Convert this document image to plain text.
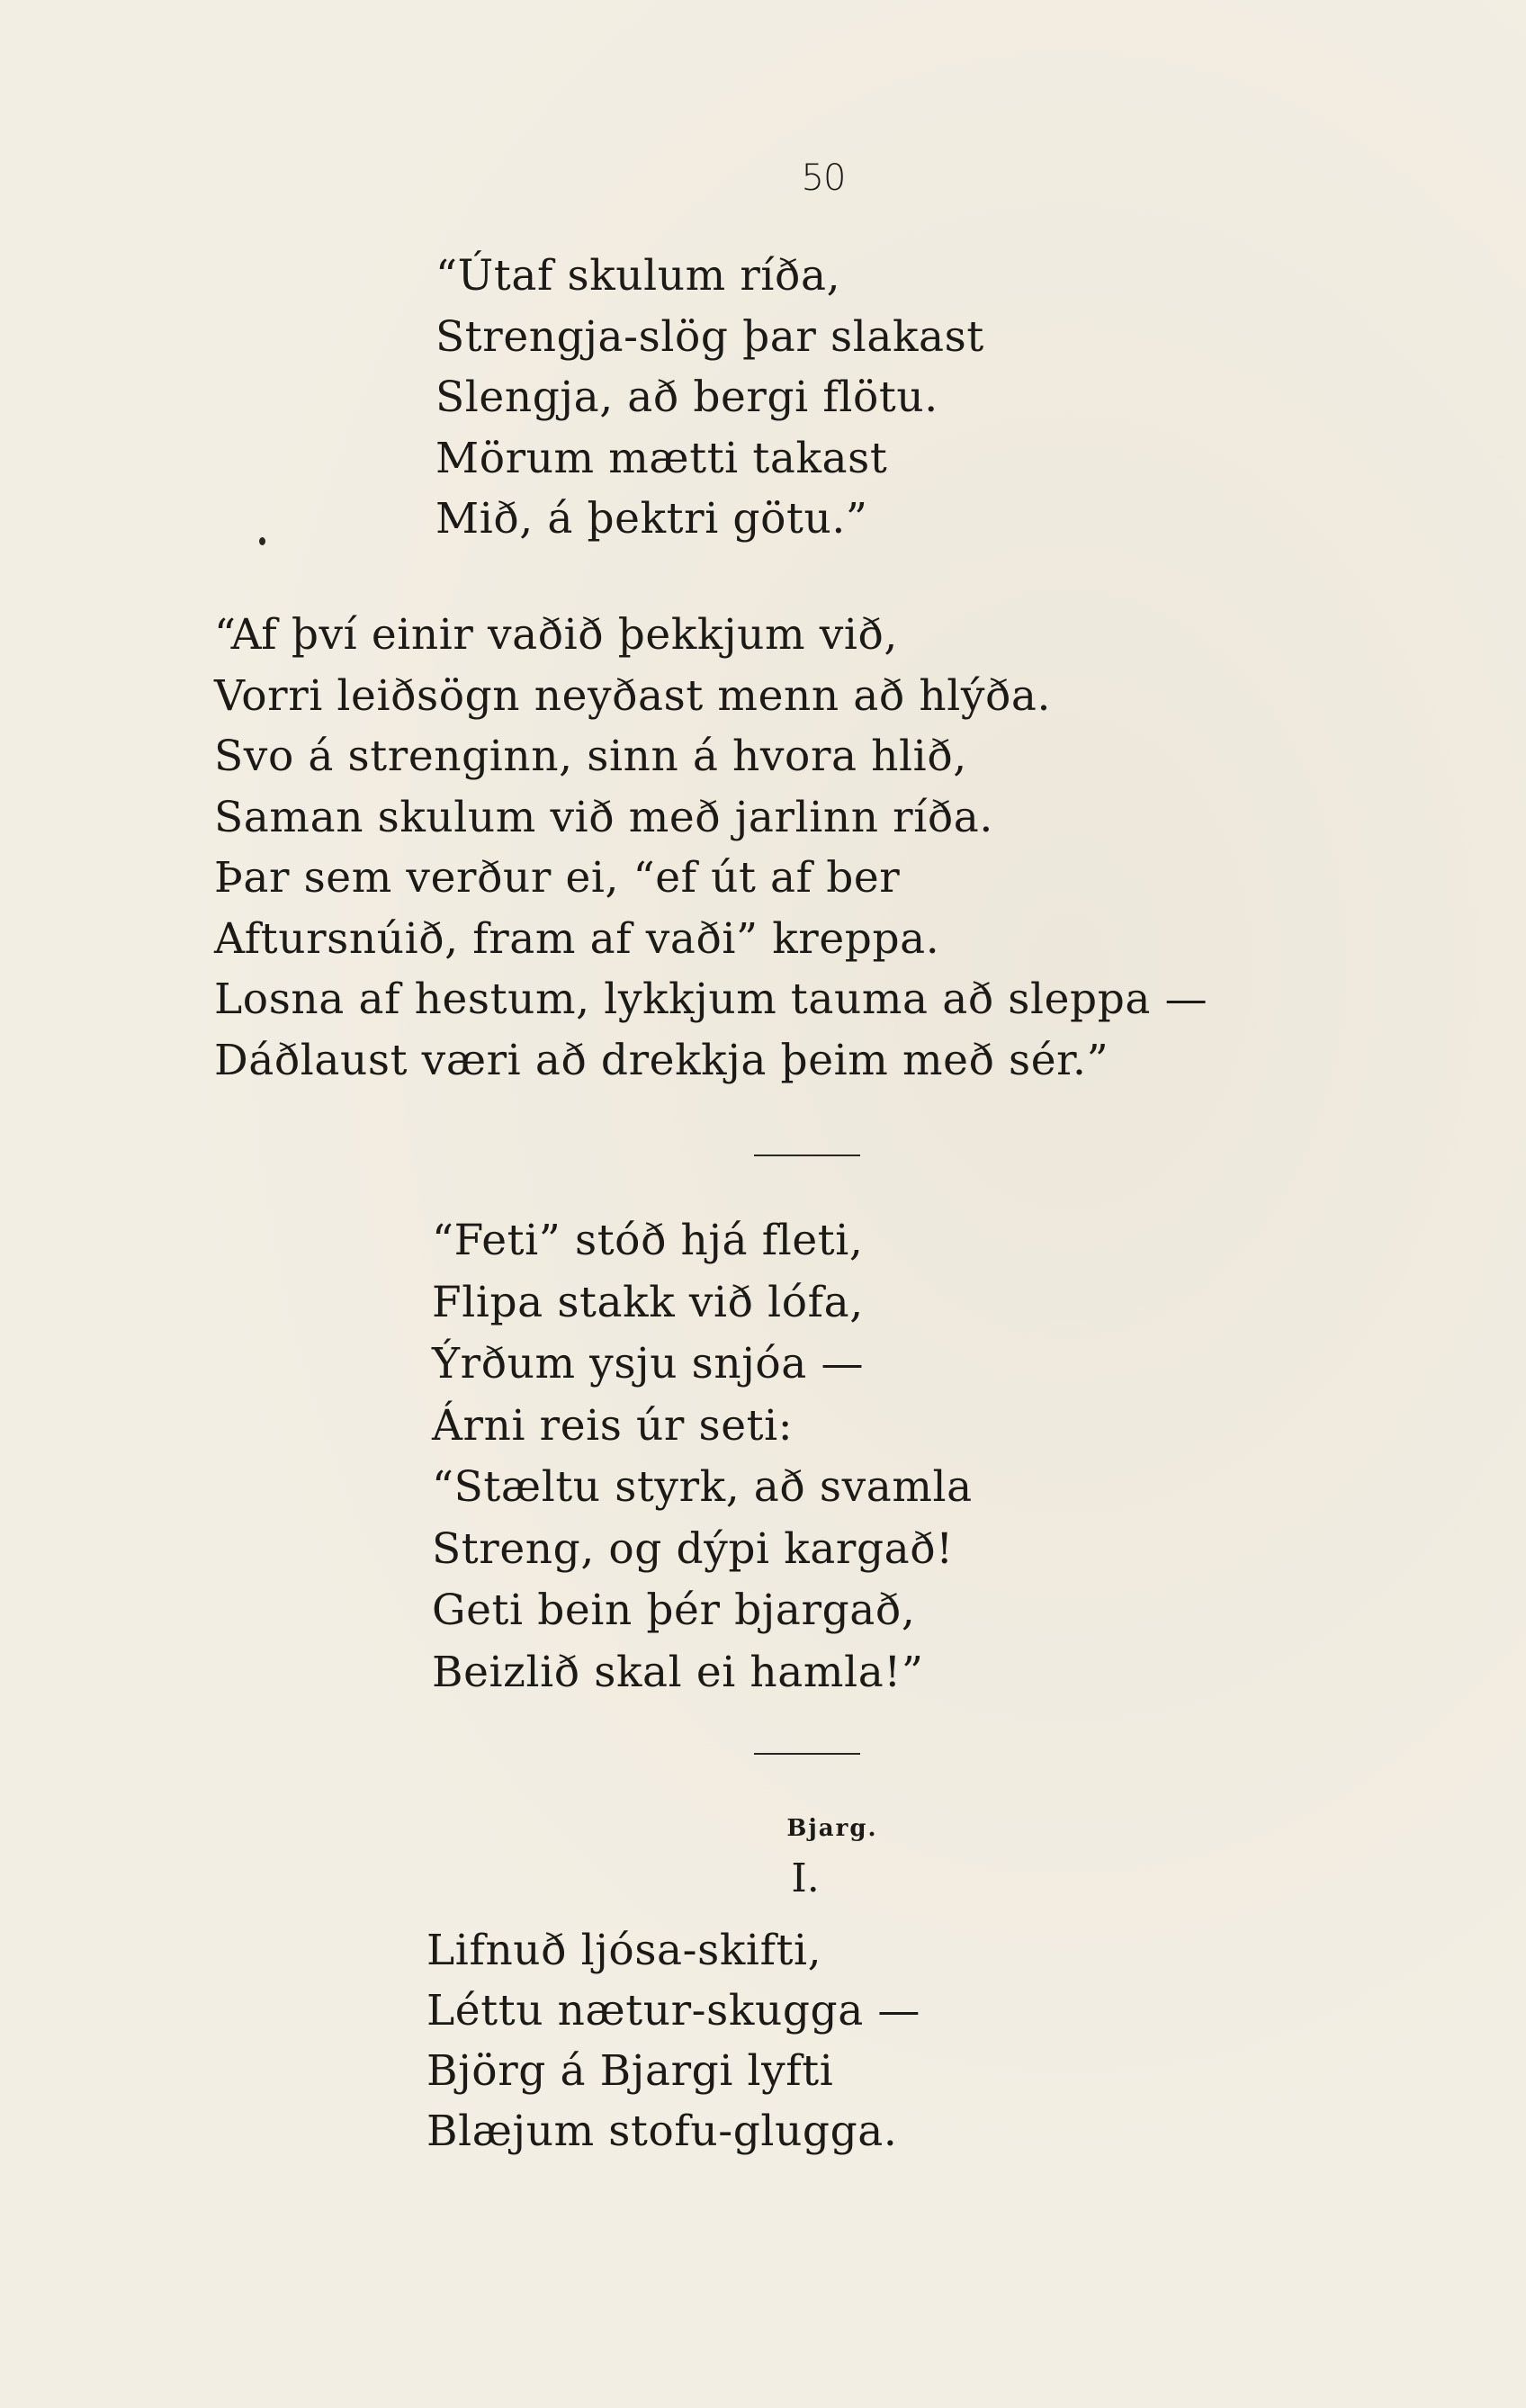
50
“Útaf skulum ríða,
Strengja-slög þar slakast
Slengja, að bergi flötu.
Mörum mætti takast
Mið, á þektri götu.”
“Af því einir vaðið þekkjum við,
Vorri leiðsögn neyðast menn að hlýða.
Svo á strenginn, sinn á hvora hlið,
Saman skulum við með jarlinn ríða.
Þar sem verður ei, “ef út af ber
Aftursnúið, fram af vaði” kreppa.
Losna af hestum, lykkjum tauma að sleppa —
Dáðlaust væri að drekkja þeim með sér.”
“Feti” stóð hjá fleti,
Flipa stakk við lófa,
Ýrðum ysju snjóa —
Árni reis úr seti:
“Stæltu styrk, að svamla
Streng, og dýpi kargað!
Geti bein þér bjargað,
Beizlið skal ei hamla!”
Bjarg.
I.
Lifnuð ljósa-skifti,
Léttu nætur-skugga —
Björg á Bjargi lyfti
Blæjum stofu-glugga.
